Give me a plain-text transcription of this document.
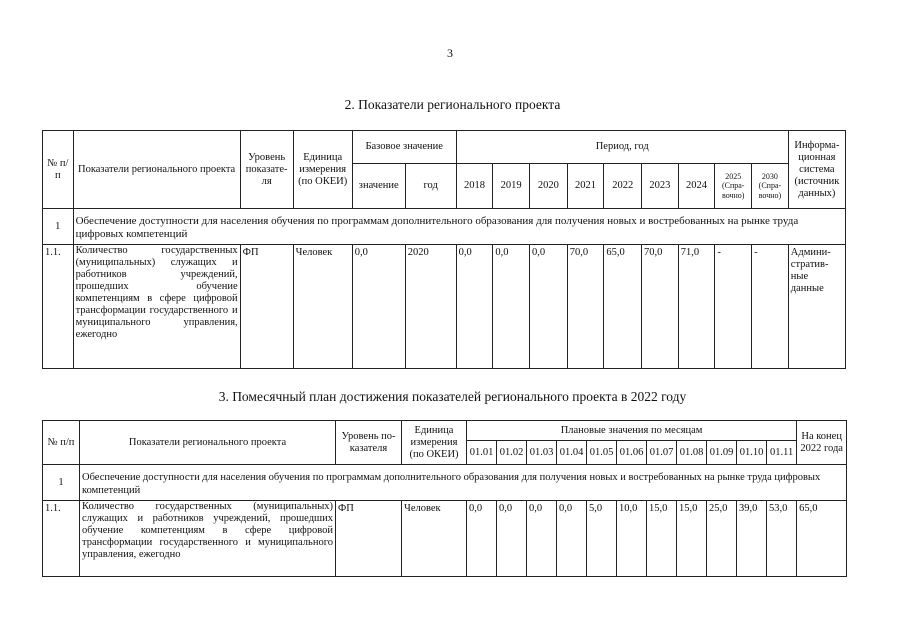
3
2. Показатели регионального проекта
№ п/п	Показатели регионального проекта	Уровень показате-ля	Единица измерения (по ОКЕИ)	Базовое значение		Период, год									Информа-ционная система (источник данных)
				значение	год	2018	2019	2020	2021	2022	2023	2024	2025 (Спра-вочно)	2030 (Спра-вочно)	
1	Обеспечение доступности для населения обучения по программам дополнительного образования для получения новых и востребованных на рынке труда цифровых компетенций														
1.1.	Количество государственных (муниципальных) служащих и работников учреждений, прошедших обучение компетенциям в сфере цифровой трансформации государственного и муниципального управления, ежегодно	ФП	Человек	0,0	2020	0,0	0,0	0,0	70,0	65,0	70,0	71,0	-	-	Админи-стратив-ные данные
3. Помесячный план достижения показателей регионального проекта в 2022 году
№ п/п	Показатели регионального проекта	Уровень по-казателя	Единица измерения (по ОКЕИ)	Плановые значения по месяцам											На конец 2022 года
				01.01	01.02	01.03	01.04	01.05	01.06	01.07	01.08	01.09	01.10	01.11	
1	Обеспечение доступности для населения обучения по программам дополнительного образования для получения новых и востребованных на рынке труда цифровых компетенций														
1.1.	Количество государственных (муниципальных) служащих и работников учреждений, прошедших обучение компетенциям в сфере цифровой трансформации государственного и муниципального управления, ежегодно	ФП	Человек	0,0	0,0	0,0	0,0	5,0	10,0	15,0	15,0	25,0	39,0	53,0	65,0
